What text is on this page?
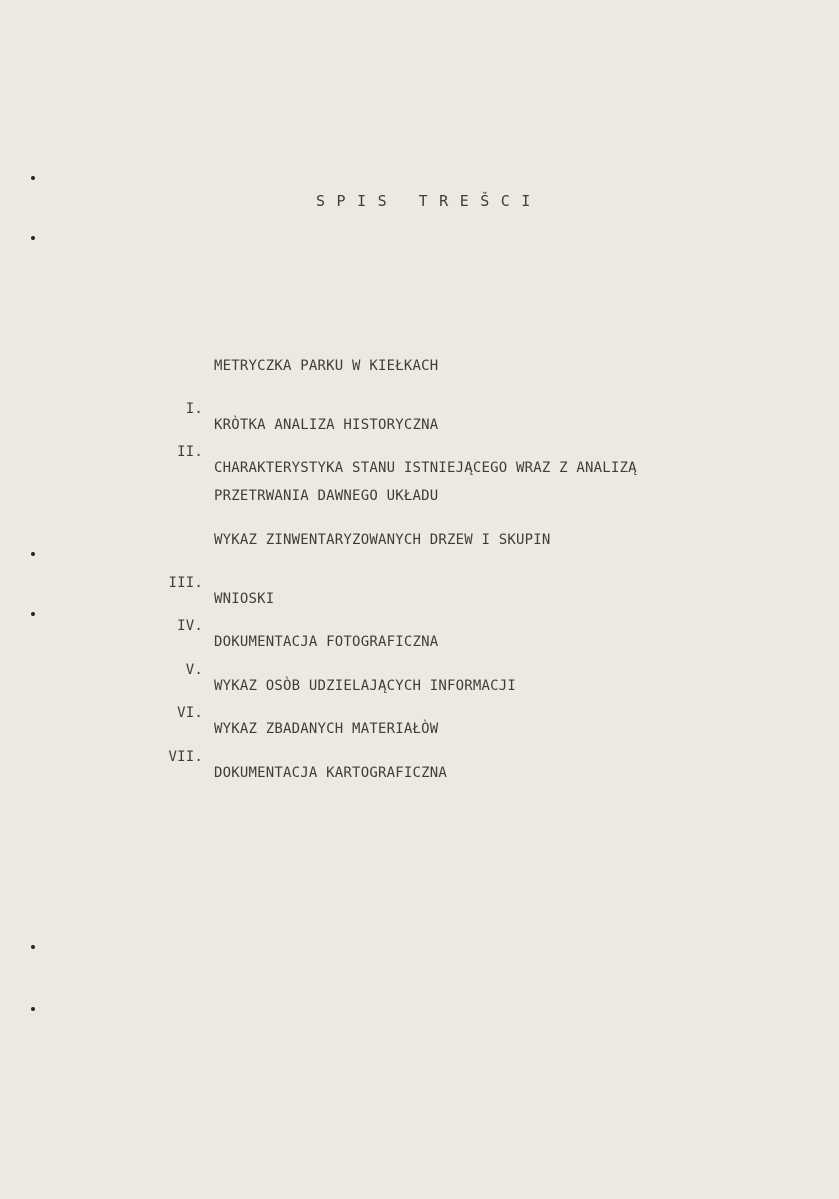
SPIS TREŠCI

METRYCZKA PARKU W KIEŁKACH

I.

KRÒTKA ANALIZA HISTORYCZNA

II.

CHARAKTERYSTYKA STANU ISTNIEJĄCEGO WRAZ Z ANALIZĄ

PRZETRWANIA DAWNEGO UKŁADU

WYKAZ ZINWENTARYZOWANYCH DRZEW I SKUPIN

III.

WNIOSKI

IV.

DOKUMENTACJA FOTOGRAFICZNA

V.

WYKAZ OSÒB UDZIELAJĄCYCH INFORMACJI

VI.

WYKAZ ZBADANYCH MATERIAŁÒW

VII.

DOKUMENTACJA KARTOGRAFICZNA
